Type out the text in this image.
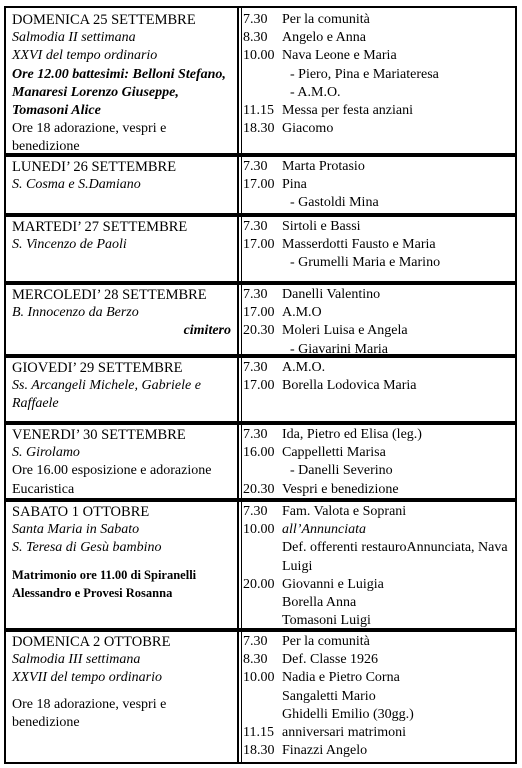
DOMENICA 25 SETTEMBRE
Salmodia II settimana
XXVI del tempo ordinario
Ore 12.00 battesimi: Belloni Stefano, Manaresi Lorenzo Giuseppe, Tomasoni Alice
Ore 18 adorazione, vespri e benedizione
7.30	Per la comunità
8.30	Angelo e Anna
10.00 Nava Leone e Maria
- Piero, Pina e Mariateresa
- A.M.O.
11.15 Messa per festa anziani
18.30 Giacomo
LUNEDI’ 26 SETTEMBRE
S. Cosma e S.Damiano
7.30	Marta Protasio
17.00 Pina
- Gastoldi Mina
MARTEDI’ 27 SETTEMBRE
S. Vincenzo de Paoli
7.30	Sirtoli e Bassi
17.00 Masserdotti Fausto e Maria
- Grumelli Maria e Marino
MERCOLEDI’ 28 SETTEMBRE
B. Innocenzo da Berzo
cimitero
7.30	Danelli Valentino
17.00 A.M.O
20.30 Moleri Luisa e Angela
- Giavarini Maria
GIOVEDI’ 29 SETTEMBRE
Ss. Arcangeli Michele, Gabriele e Raffaele
7.30	A.M.O.
17.00 Borella Lodovica Maria
VENERDI’ 30 SETTEMBRE
S. Girolamo
Ore 16.00 esposizione e adorazione Eucaristica
7.30	Ida, Pietro ed Elisa (leg.)
16.00 Cappelletti Marisa
- Danelli Severino
20.30 Vespri e benedizione
SABATO 1 OTTOBRE
Santa Maria in Sabato
S. Teresa di Gesù bambino
Matrimonio ore 11.00 di Spiranelli Alessandro e Provesi Rosanna
7.30	Fam. Valota e Soprani
10.00 all’Annunciata
Def. offerenti restauroAnnunciata, Nava Luigi
20.00 Giovanni e Luigia
Borella Anna
Tomasoni Luigi
DOMENICA 2 OTTOBRE
Salmodia III settimana
XXVII del tempo ordinario
Ore 18 adorazione, vespri e benedizione
7.30	Per la comunità
8.30	Def. Classe 1926
10.00 Nadia e Pietro Corna
Sangaletti Mario
Ghidelli Emilio (30gg.)
11.15 anniversari matrimoni
18.30 Finazzi Angelo
